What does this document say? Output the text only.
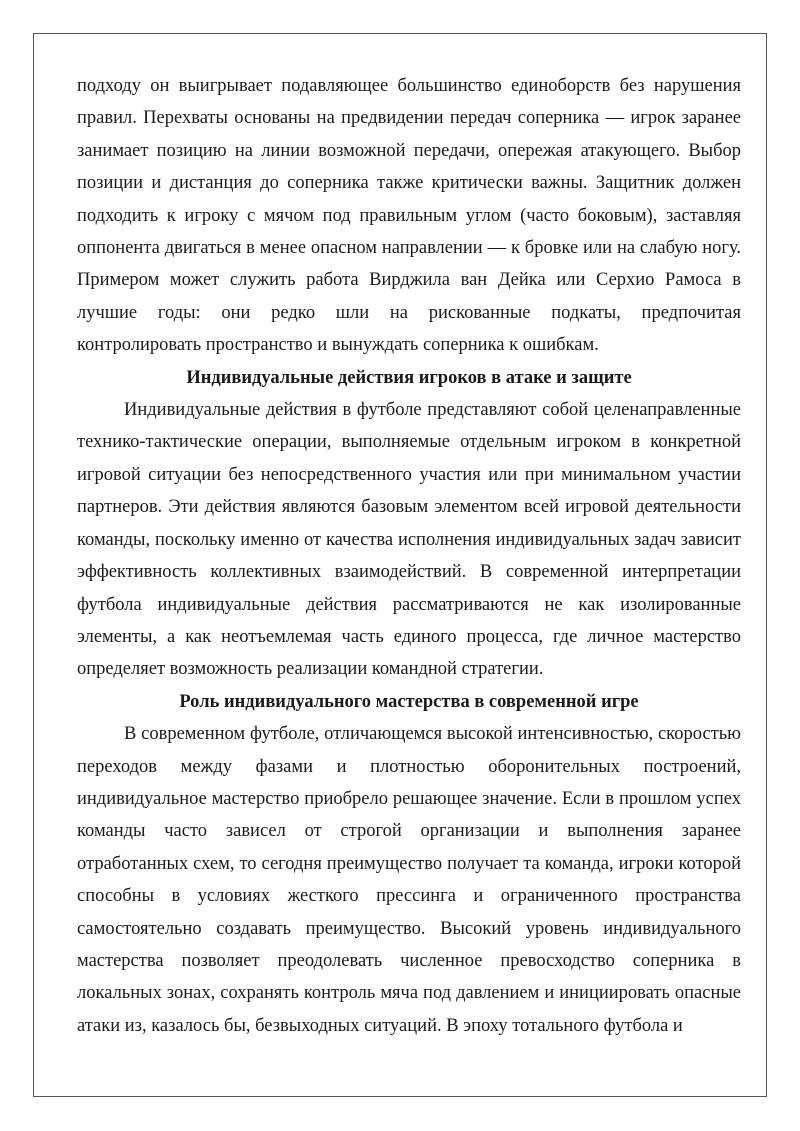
подходу он выигрывает подавляющее большинство единоборств без нарушения правил. Перехваты основаны на предвидении передач соперника — игрок заранее занимает позицию на линии возможной передачи, опережая атакующего. Выбор позиции и дистанция до соперника также критически важны. Защитник должен подходить к игроку с мячом под правильным углом (часто боковым), заставляя оппонента двигаться в менее опасном направлении — к бровке или на слабую ногу. Примером может служить работа Вирджила ван Дейка или Серхио Рамоса в лучшие годы: они редко шли на рискованные подкаты, предпочитая контролировать пространство и вынуждать соперника к ошибкам.

Индивидуальные действия игроков в атаке и защите

Индивидуальные действия в футболе представляют собой целенаправленные технико-тактические операции, выполняемые отдельным игроком в конкретной игровой ситуации без непосредственного участия или при минимальном участии партнеров. Эти действия являются базовым элементом всей игровой деятельности команды, поскольку именно от качества исполнения индивидуальных задач зависит эффективность коллективных взаимодействий. В современной интерпретации футбола индивидуальные действия рассматриваются не как изолированные элементы, а как неотъемлемая часть единого процесса, где личное мастерство определяет возможность реализации командной стратегии.

Роль индивидуального мастерства в современной игре

В современном футболе, отличающемся высокой интенсивностью, скоростью переходов между фазами и плотностью оборонительных построений, индивидуальное мастерство приобрело решающее значение. Если в прошлом успех команды часто зависел от строгой организации и выполнения заранее отработанных схем, то сегодня преимущество получает та команда, игроки которой способны в условиях жесткого прессинга и ограниченного пространства самостоятельно создавать преимущество. Высокий уровень индивидуального мастерства позволяет преодолевать численное превосходство соперника в локальных зонах, сохранять контроль мяча под давлением и инициировать опасные атаки из, казалось бы, безвыходных ситуаций. В эпоху тотального футбола и
